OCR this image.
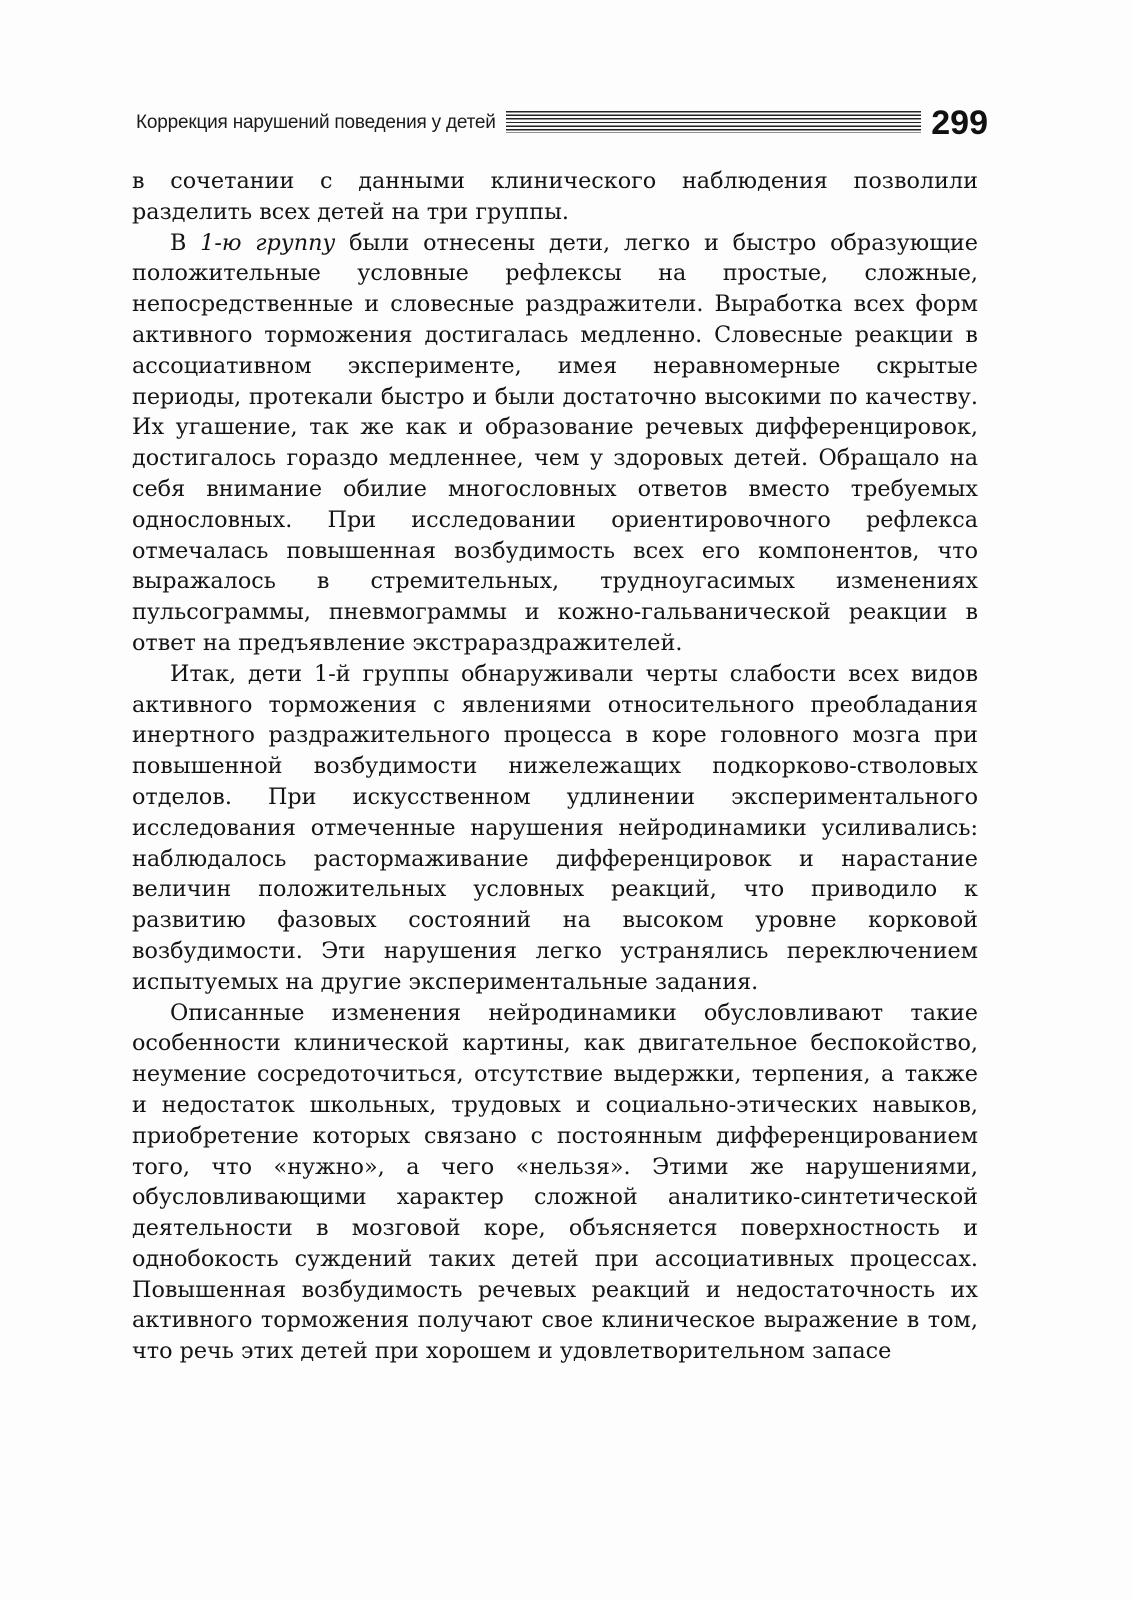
Коррекция нарушений поведения у детей	299

в сочетании с данными клинического наблюдения позволили разделить всех детей на три группы.

В 1-ю группу были отнесены дети, легко и быстро образующие положительные условные рефлексы на простые, сложные, непосредственные и словесные раздражители. Выработка всех форм активного торможения достигалась медленно. Словесные реакции в ассоциативном эксперименте, имея неравномерные скрытые периоды, протекали быстро и были достаточно высокими по качеству. Их угашение, так же как и образование речевых дифференцировок, достигалось гораздо медленнее, чем у здоровых детей. Обращало на себя внимание обилие многословных ответов вместо требуемых однословных. При исследовании ориентировочного рефлекса отмечалась повышенная возбудимость всех его компонентов, что выражалось в стремительных, трудноугасимых изменениях пульсограммы, пневмограммы и кожно-гальванической реакции в ответ на предъявление экстрараздражителей.

Итак, дети 1-й группы обнаруживали черты слабости всех видов активного торможения с явлениями относительного преобладания инертного раздражительного процесса в коре головного мозга при повышенной возбудимости нижележащих подкорково-стволовых отделов. При искусственном удлинении экспериментального исследования отмеченные нарушения нейродинамики усиливались: наблюдалось растормаживание дифференцировок и нарастание величин положительных условных реакций, что приводило к развитию фазовых состояний на высоком уровне корковой возбудимости. Эти нарушения легко устранялись переключением испытуемых на другие экспериментальные задания.

Описанные изменения нейродинамики обусловливают такие особенности клинической картины, как двигательное беспокойство, неумение сосредоточиться, отсутствие выдержки, терпения, а также и недостаток школьных, трудовых и социально-этических навыков, приобретение которых связано с постоянным дифференцированием того, что «нужно», а чего «нельзя». Этими же нарушениями, обусловливающими характер сложной аналитико-синтетической деятельности в мозговой коре, объясняется поверхностность и однобокость суждений таких детей при ассоциативных процессах. Повышенная возбудимость речевых реакций и недостаточность их активного торможения получают свое клиническое выражение в том, что речь этих детей при хорошем и удовлетворительном запасе
